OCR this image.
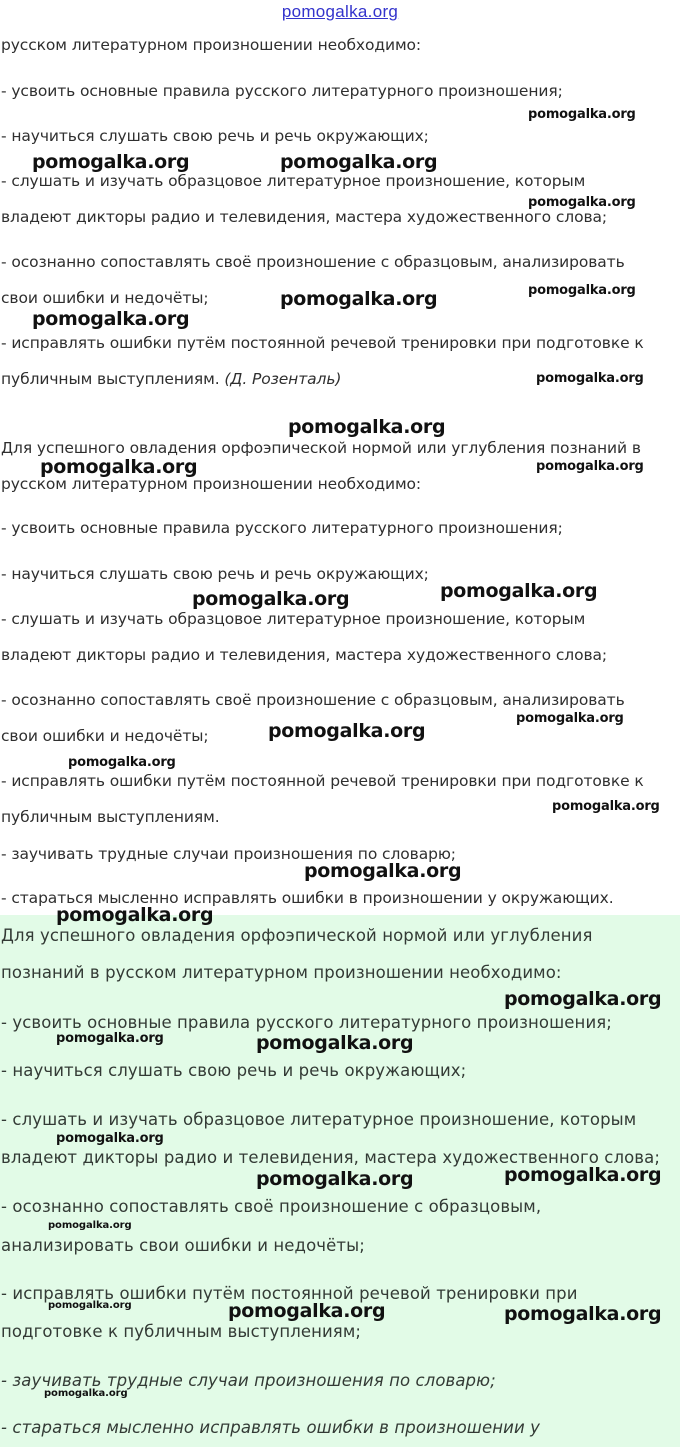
pomogalka.org
русском литературном произношении необходимо:
- усвоить основные правила русского литературного произношения;
- научиться слушать свою речь и речь окружающих;
- слушать и изучать образцовое литературное произношение, которым
владеют дикторы радио и телевидения, мастера художественного слова;
- осознанно сопоставлять своё произношение с образцовым, анализировать
свои ошибки и недочёты;
- исправлять ошибки путём постоянной речевой тренировки при подготовке к
публичным выступлениям. (Д. Розенталь)
Для успешного овладения орфоэпической нормой или углубления познаний в
русском литературном произношении необходимо:
- усвоить основные правила русского литературного произношения;
- научиться слушать свою речь и речь окружающих;
- слушать и изучать образцовое литературное произношение, которым
владеют дикторы радио и телевидения, мастера художественного слова;
- осознанно сопоставлять своё произношение с образцовым, анализировать
свои ошибки и недочёты;
- исправлять ошибки путём постоянной речевой тренировки при подготовке к
публичным выступлениям.
- заучивать трудные случаи произношения по словарю;
- стараться мысленно исправлять ошибки в произношении у окружающих.
Для успешного овладения орфоэпической нормой или углубления
познаний в русском литературном произношении необходимо:
- усвоить основные правила русского литературного произношения;
- научиться слушать свою речь и речь окружающих;
- слушать и изучать образцовое литературное произношение, которым
владеют дикторы радио и телевидения, мастера художественного слова;
- осознанно сопоставлять своё произношение с образцовым,
анализировать свои ошибки и недочёты;
- исправлять ошибки путём постоянной речевой тренировки при
подготовке к публичным выступлениям;
- заучивать трудные случаи произношения по словарю;
- стараться мысленно исправлять ошибки в произношении у
pomogalka.org	pomogalka.org
pomogalka.org
pomogalka.org
pomogalka.org	pomogalka.org
pomogalka.org
pomogalka.org
pomogalka.org
pomogalka.org	pomogalka.org
pomogalka.org
pomogalka.org
pomogalka.org
pomogalka.org
pomogalka.org
pomogalka.org
pomogalka.org
pomogalka.org
pomogalka.org
pomogalka.org	pomogalka.org
pomogalka.org
pomogalka.org
pomogalka.org
pomogalka.org
pomogalka.org	pomogalka.org	pomogalka.org
pomogalka.org
